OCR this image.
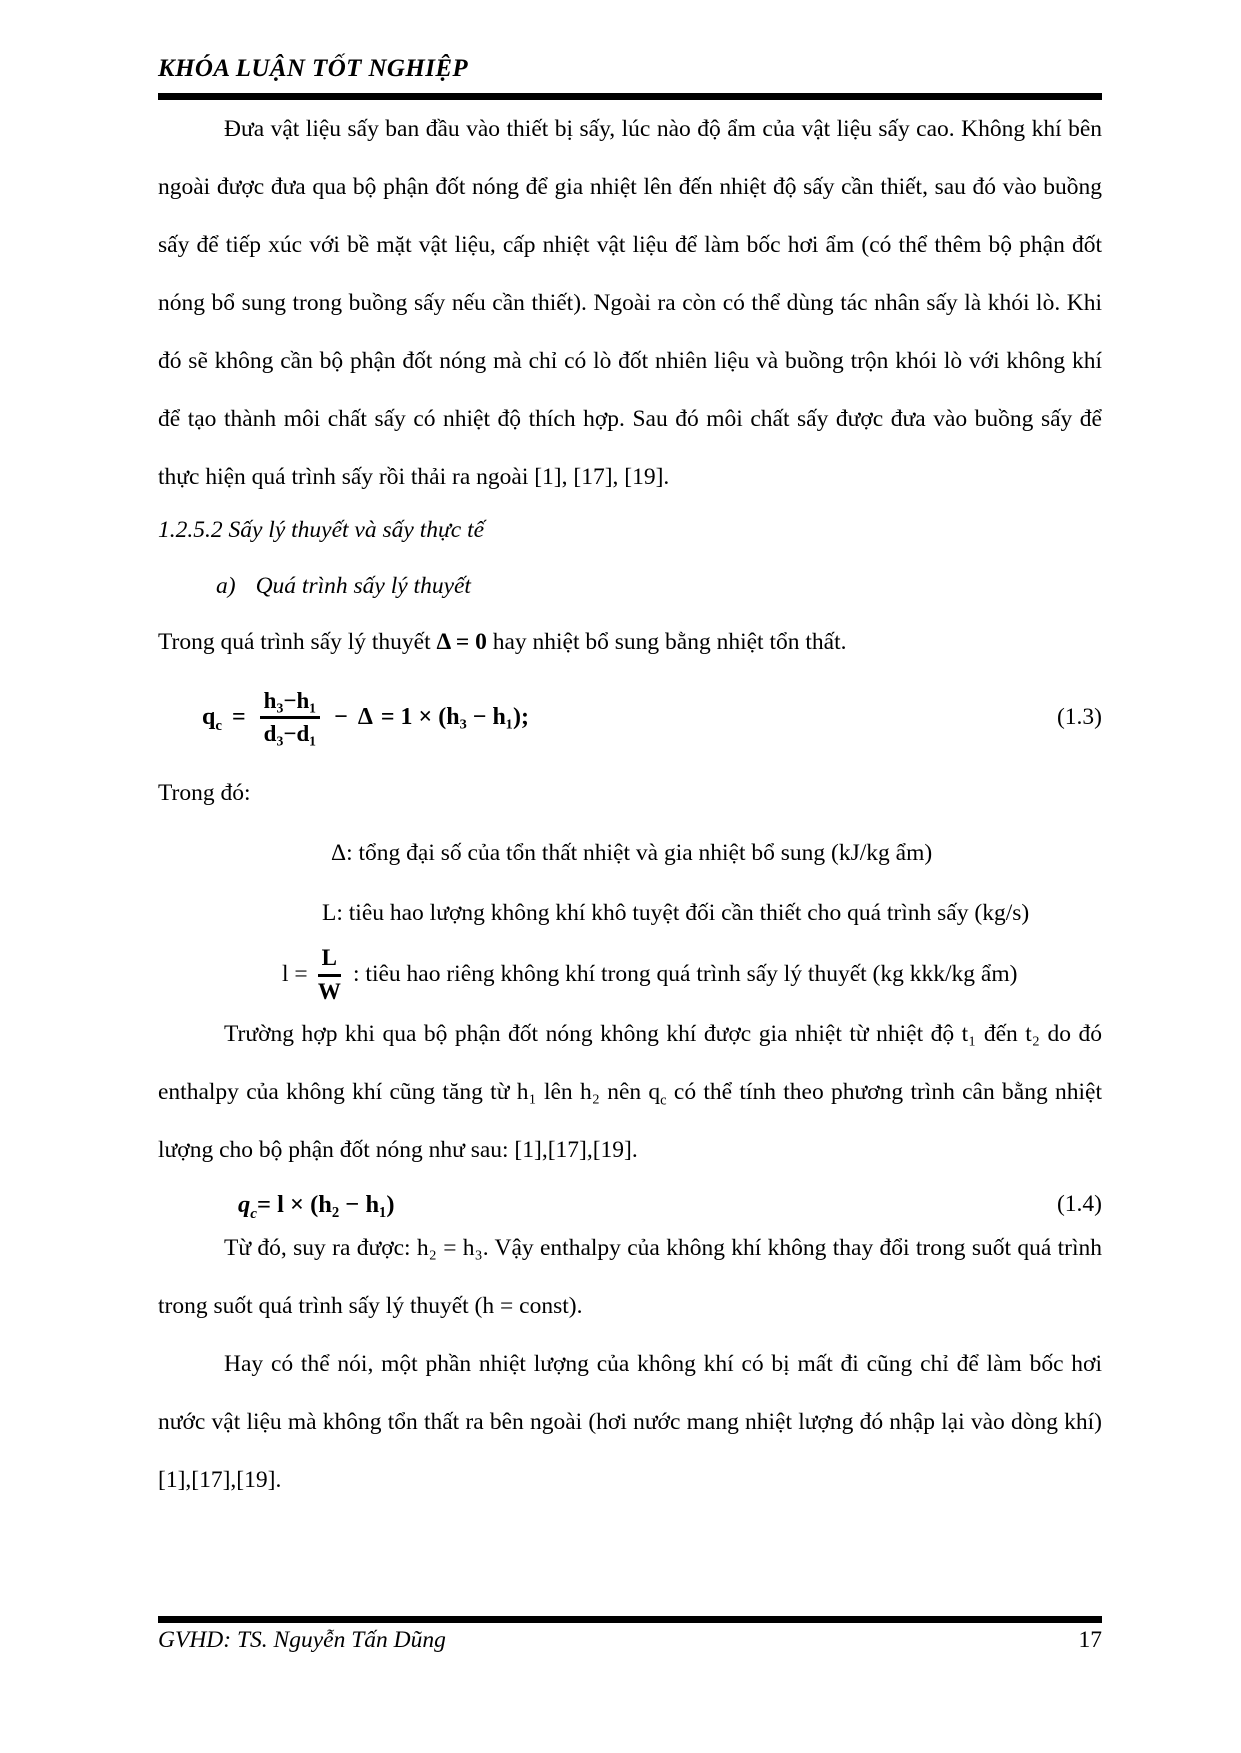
KHÓA LUẬN TỐT NGHIỆP

Đưa vật liệu sấy ban đầu vào thiết bị sấy, lúc nào độ ẩm của vật liệu sấy cao. Không khí bên ngoài được đưa qua bộ phận đốt nóng để gia nhiệt lên đến nhiệt độ sấy cần thiết, sau đó vào buồng sấy để tiếp xúc với bề mặt vật liệu, cấp nhiệt vật liệu để làm bốc hơi ẩm (có thể thêm bộ phận đốt nóng bổ sung trong buồng sấy nếu cần thiết). Ngoài ra còn có thể dùng tác nhân sấy là khói lò. Khi đó sẽ không cần bộ phận đốt nóng mà chỉ có lò đốt nhiên liệu và buồng trộn khói lò với không khí để tạo thành môi chất sấy có nhiệt độ thích hợp. Sau đó môi chất sấy được đưa vào buồng sấy để thực hiện quá trình sấy rồi thải ra ngoài [1], [17], [19].

1.2.5.2 Sấy lý thuyết và sấy thực tế
a) Quá trình sấy lý thuyết

Trong quá trình sấy lý thuyết Δ = 0 hay nhiệt bổ sung bằng nhiệt tổn thất.

$q_c = \frac{\text{h₃−h₁}}{\text{d₃−d₁}} - \Delta = 1 \times (h_3 - h_1)$;	(1.3)
Trong đó:
Δ: tổng đại số của tổn thất nhiệt và gia nhiệt bổ sung (kJ/kg ẩm)
L: tiêu hao lượng không khí khô tuyệt đối cần thiết cho quá trình sấy (kg/s)
$l = \frac{L}{W}$ : tiêu hao riêng không khí trong quá trình sấy lý thuyết (kg kkk/kg ẩm)

Trường hợp khi qua bộ phận đốt nóng không khí được gia nhiệt từ nhiệt độ t₁ đến t₂ do đó enthalpy của không khí cũng tăng từ h₁ lên h₂ nên $q_c$ có thể tính theo phương trình cân bằng nhiệt lượng cho bộ phận đốt nóng như sau: [1],[17],[19].

$q_c = l \times (h_2 - h_1)$	(1.4)

Từ đó, suy ra được: h₂ = h₃. Vậy enthalpy của không khí không thay đổi trong suốt quá trình trong suốt quá trình sấy lý thuyết (h = const).

Hay có thể nói, một phần nhiệt lượng của không khí có bị mất đi cũng chỉ để làm bốc hơi nước vật liệu mà không tổn thất ra bên ngoài (hơi nước mang nhiệt lượng đó nhập lại vào dòng khí) [1],[17],[19].

GVHD: TS. Nguyễn Tấn Dũng	17
